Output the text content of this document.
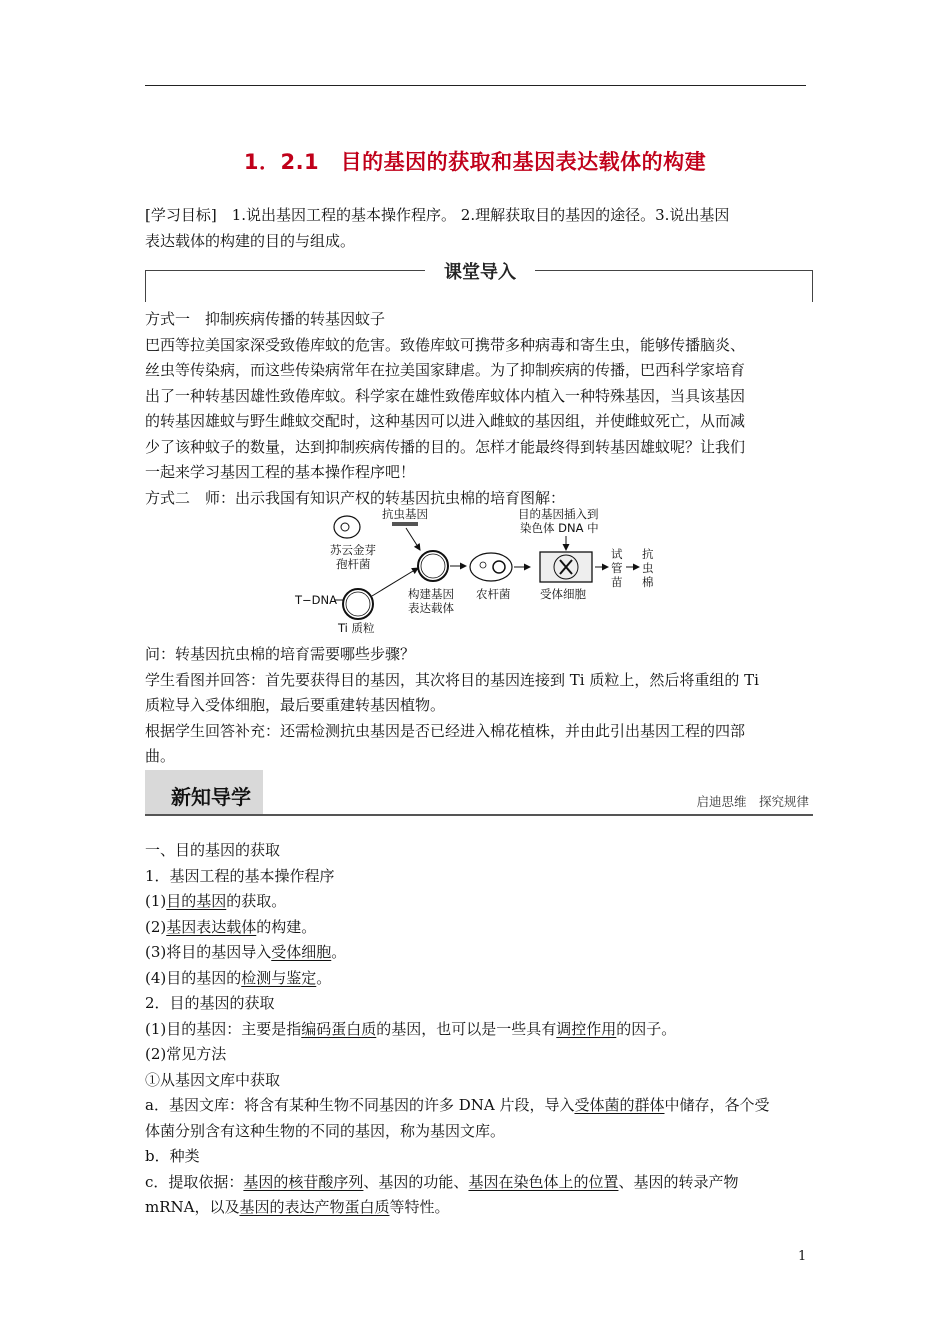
1．2.1　目的基因的获取和基因表达载体的构建
[学习目标]　1.说出基因工程的基本操作程序。 2.理解获取目的基因的途径。3.说出基因
表达载体的构建的目的与组成。
课堂导入
方式一　抑制疾病传播的转基因蚊子
巴西等拉美国家深受致倦库蚊的危害。致倦库蚊可携带多种病毒和寄生虫，能够传播脑炎、
丝虫等传染病，而这些传染病常年在拉美国家肆虐。为了抑制疾病的传播，巴西科学家培育
出了一种转基因雄性致倦库蚊。科学家在雄性致倦库蚊体内植入一种特殊基因，当具该基因
的转基因雄蚊与野生雌蚊交配时，这种基因可以进入雌蚊的基因组，并使雌蚊死亡，从而减
少了该种蚊子的数量，达到抑制疾病传播的目的。怎样才能最终得到转基因雄蚊呢？让我们
一起来学习基因工程的基本操作程序吧！
方式二　师：出示我国有知识产权的转基因抗虫棉的培育图解：
抗虫基因
苏云金芽
孢杆菌
构建基因
表达载体
T−DNA
Ti 质粒
农杆菌
目的基因插入到
染色体 DNA 中
受体细胞
试
管
苗
抗
虫
棉
问：转基因抗虫棉的培育需要哪些步骤？
学生看图并回答：首先要获得目的基因，其次将目的基因连接到 Ti 质粒上，然后将重组的 Ti
质粒导入受体细胞，最后要重建转基因植物。
根据学生回答补充：还需检测抗虫基因是否已经进入棉花植株，并由此引出基因工程的四部
曲。
新知导学	启迪思维　探究规律
一、目的基因的获取
1．基因工程的基本操作程序
(1)目的基因的获取。
(2)基因表达载体的构建。
(3)将目的基因导入受体细胞。
(4)目的基因的检测与鉴定。
2．目的基因的获取
(1)目的基因：主要是指编码蛋白质的基因，也可以是一些具有调控作用的因子。
(2)常见方法
①从基因文库中获取
a．基因文库：将含有某种生物不同基因的许多 DNA 片段，导入受体菌的群体中储存，各个受
体菌分别含有这种生物的不同的基因，称为基因文库。
b．种类
c．提取依据：基因的核苷酸序列、基因的功能、基因在染色体上的位置、基因的转录产物
mRNA，以及基因的表达产物蛋白质等特性。
1
